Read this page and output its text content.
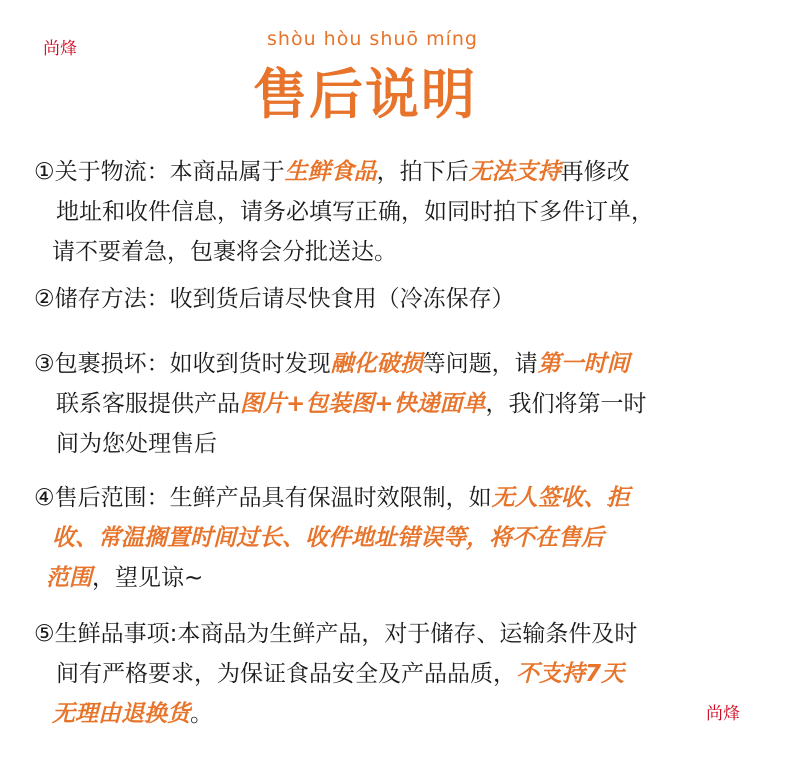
尚烽
尚烽
shòu hòu shuō míng
售后说明
①关于物流：本商品属于生鲜食品，拍下后无法支持再修改
地址和收件信息，请务必填写正确，如同时拍下多件订单，
请不要着急，包裹将会分批送达。
②储存方法：收到货后请尽快食用（冷冻保存）
③包裹损坏：如收到货时发现融化破损等问题，请第一时间
联系客服提供产品图片+包装图+快递面单，我们将第一时
间为您处理售后
④售后范围：生鲜产品具有保温时效限制，如无人签收、拒
收、常温搁置时间过长、收件地址错误等，将不在售后
范围，望见谅~
⑤生鲜品事项:本商品为生鲜产品，对于储存、运输条件及时
间有严格要求，为保证食品安全及产品品质，不支持7天
无理由退换货。
